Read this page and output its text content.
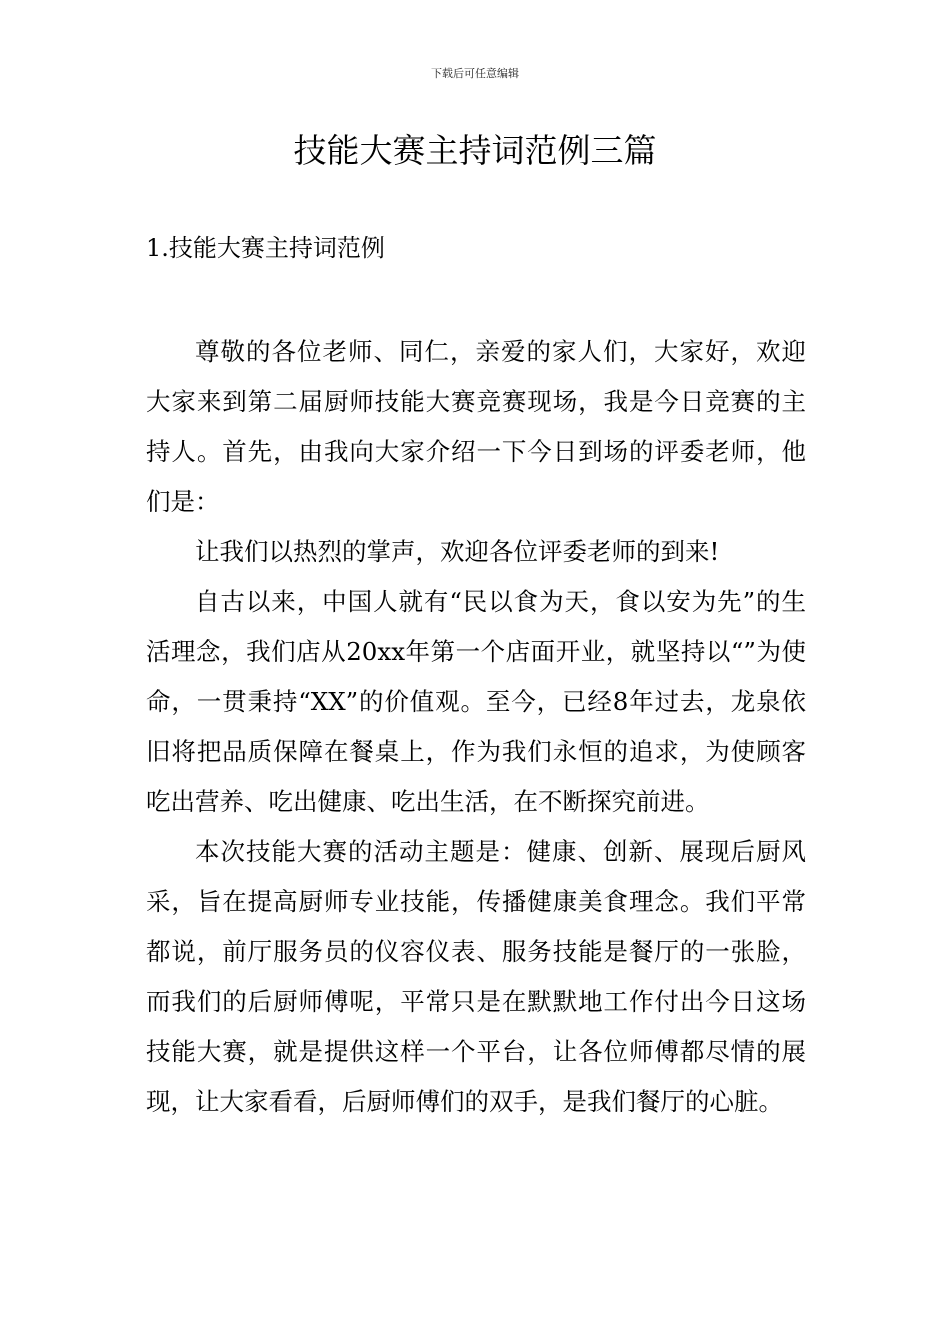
下载后可任意编辑
技能大赛主持词范例三篇
1.技能大赛主持词范例

尊敬的各位老师、同仁，亲爱的家人们，大家好，欢迎大家来到第二届厨师技能大赛竞赛现场，我是今日竞赛的主持人。首先，由我向大家介绍一下今日到场的评委老师，他们是：

让我们以热烈的掌声，欢迎各位评委老师的到来!

自古以来，中国人就有“民以食为天，食以安为先”的生活理念，我们店从20xx年第一个店面开业，就坚持以“”为使命，一贯秉持“XX”的价值观。至今，已经8年过去，龙泉依旧将把品质保障在餐桌上，作为我们永恒的追求，为使顾客吃出营养、吃出健康、吃出生活，在不断探究前进。

本次技能大赛的活动主题是：健康、创新、展现后厨风采，旨在提高厨师专业技能，传播健康美食理念。我们平常都说，前厅服务员的仪容仪表、服务技能是餐厅的一张脸，而我们的后厨师傅呢，平常只是在默默地工作付出今日这场技能大赛，就是提供这样一个平台，让各位师傅都尽情的展现，让大家看看，后厨师傅们的双手，是我们餐厅的心脏。
